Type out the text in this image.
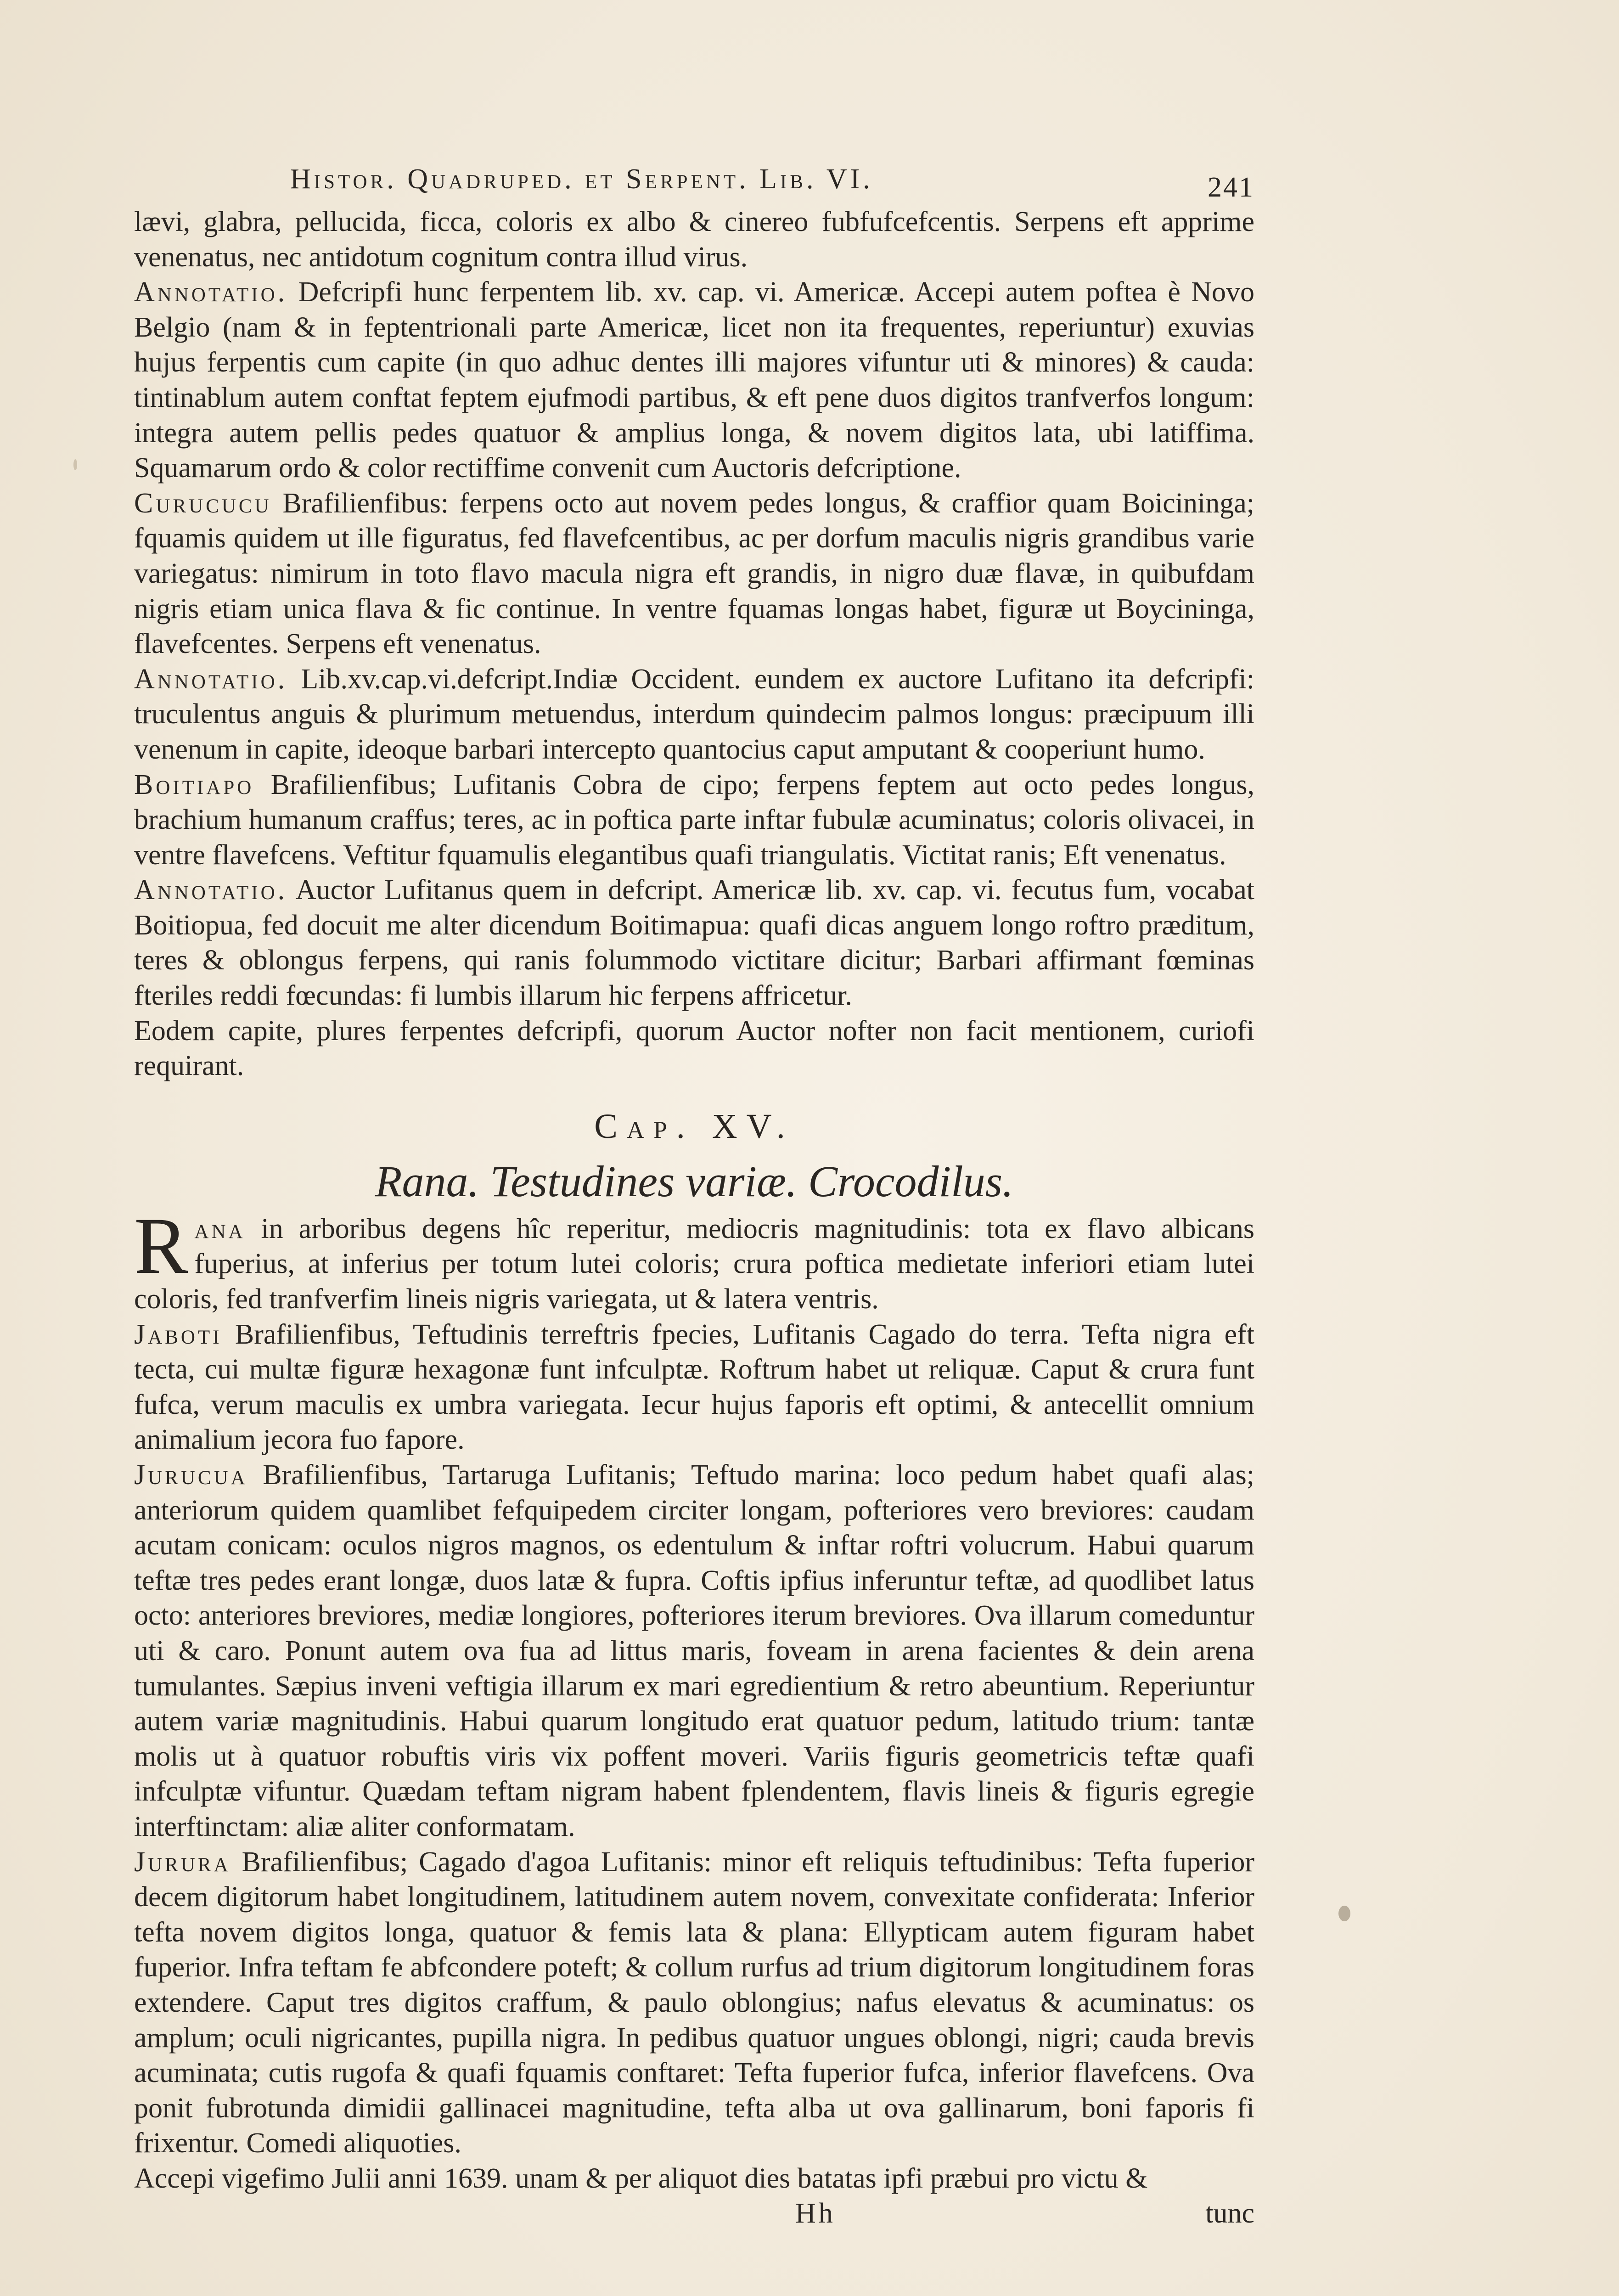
Histor. Quadruped. et Serpent. Lib. VI.	241

lævi, glabra, pellucida, ficca, coloris ex albo & cinereo fubfufcefcentis. Serpens eft apprime venenatus, nec antidotum cognitum contra illud virus.

Annotatio. Defcripfi hunc ferpentem lib. xv. cap. vi. Americæ. Accepi autem poftea è Novo Belgio (nam & in feptentrionali parte Americæ, licet non ita frequentes, reperiuntur) exuvias hujus ferpentis cum capite (in quo adhuc dentes illi majores vifuntur uti & minores) & cauda: tintinablum autem conftat feptem ejufmodi partibus, & eft pene duos digitos tranfverfos longum: integra autem pellis pedes quatuor & amplius longa, & novem digitos lata, ubi latiffima. Squamarum ordo & color rectiffime convenit cum Auctoris defcriptione.

Curucucu Brafilienfibus: ferpens octo aut novem pedes longus, & craffior quam Boicininga; fquamis quidem ut ille figuratus, fed flavefcentibus, ac per dorfum maculis nigris grandibus varie variegatus: nimirum in toto flavo macula nigra eft grandis, in nigro duæ flavæ, in quibufdam nigris etiam unica flava & fic continue. In ventre fquamas longas habet, figuræ ut Boycininga, flavefcentes. Serpens eft venenatus.

Annotatio. Lib.xv.cap.vi.defcript.Indiæ Occident. eundem ex auctore Lufitano ita defcripfi: truculentus anguis & plurimum metuendus, interdum quindecim palmos longus: præcipuum illi venenum in capite, ideoque barbari intercepto quantocius caput amputant & cooperiunt humo.

Boitiapo Brafilienfibus; Lufitanis Cobra de cipo; ferpens feptem aut octo pedes longus, brachium humanum craffus; teres, ac in poftica parte inftar fubulæ acuminatus; coloris olivacei, in ventre flavefcens. Veftitur fquamulis elegantibus quafi triangulatis. Victitat ranis; Eft venenatus.

Annotatio. Auctor Lufitanus quem in defcript. Americæ lib. xv. cap. vi. fecutus fum, vocabat Boitiopua, fed docuit me alter dicendum Boitimapua: quafi dicas anguem longo roftro præditum, teres & oblongus ferpens, qui ranis folummodo victitare dicitur; Barbari affirmant fœminas fteriles reddi fœcundas: fi lumbis illarum hic ferpens affricetur.

Eodem capite, plures ferpentes defcripfi, quorum Auctor nofter non facit mentionem, curiofi requirant.

Cap. XV.
Rana. Testudines variæ. Crocodilus.

Rana in arboribus degens hîc reperitur, mediocris magnitudinis: tota ex flavo albicans fuperius, at inferius per totum lutei coloris; crura poftica medietate inferiori etiam lutei coloris, fed tranfverfim lineis nigris variegata, ut & latera ventris.

Jaboti Brafilienfibus, Teftudinis terreftris fpecies, Lufitanis Cagado do terra. Tefta nigra eft tecta, cui multæ figuræ hexagonæ funt infculptæ. Roftrum habet ut reliquæ. Caput & crura funt fufca, verum maculis ex umbra variegata. Iecur hujus faporis eft optimi, & antecellit omnium animalium jecora fuo fapore.

Jurucua Brafilienfibus, Tartaruga Lufitanis; Teftudo marina: loco pedum habet quafi alas; anteriorum quidem quamlibet fefquipedem circiter longam, pofteriores vero breviores: caudam acutam conicam: oculos nigros magnos, os edentulum & inftar roftri volucrum. Habui quarum teftæ tres pedes erant longæ, duos latæ & fupra. Coftis ipfius inferuntur teftæ, ad quodlibet latus octo: anteriores breviores, mediæ longiores, pofteriores iterum breviores. Ova illarum comeduntur uti & caro. Ponunt autem ova fua ad littus maris, foveam in arena facientes & dein arena tumulantes. Sæpius inveni veftigia illarum ex mari egredientium & retro abeuntium. Reperiuntur autem variæ magnitudinis. Habui quarum longitudo erat quatuor pedum, latitudo trium: tantæ molis ut à quatuor robuftis viris vix poffent moveri. Variis figuris geometricis teftæ quafi infculptæ vifuntur. Quædam teftam nigram habent fplendentem, flavis lineis & figuris egregie interftinctam: aliæ aliter conformatam.

Jurura Brafilienfibus; Cagado d'agoa Lufitanis: minor eft reliquis teftudinibus: Tefta fuperior decem digitorum habet longitudinem, latitudinem autem novem, convexitate confiderata: Inferior tefta novem digitos longa, quatuor & femis lata & plana: Ellypticam autem figuram habet fuperior. Infra teftam fe abfcondere poteft; & collum rurfus ad trium digitorum longitudinem foras extendere. Caput tres digitos craffum, & paulo oblongius; nafus elevatus & acuminatus: os amplum; oculi nigricantes, pupilla nigra. In pedibus quatuor ungues oblongi, nigri; cauda brevis acuminata; cutis rugofa & quafi fquamis conftaret: Tefta fuperior fufca, inferior flavefcens. Ova ponit fubrotunda dimidii gallinacei magnitudine, tefta alba ut ova gallinarum, boni faporis fi frixentur. Comedi aliquoties.

Accepi vigefimo Julii anni 1639. unam & per aliquot dies batatas ipfi præbui pro victu &

Hh	tunc
